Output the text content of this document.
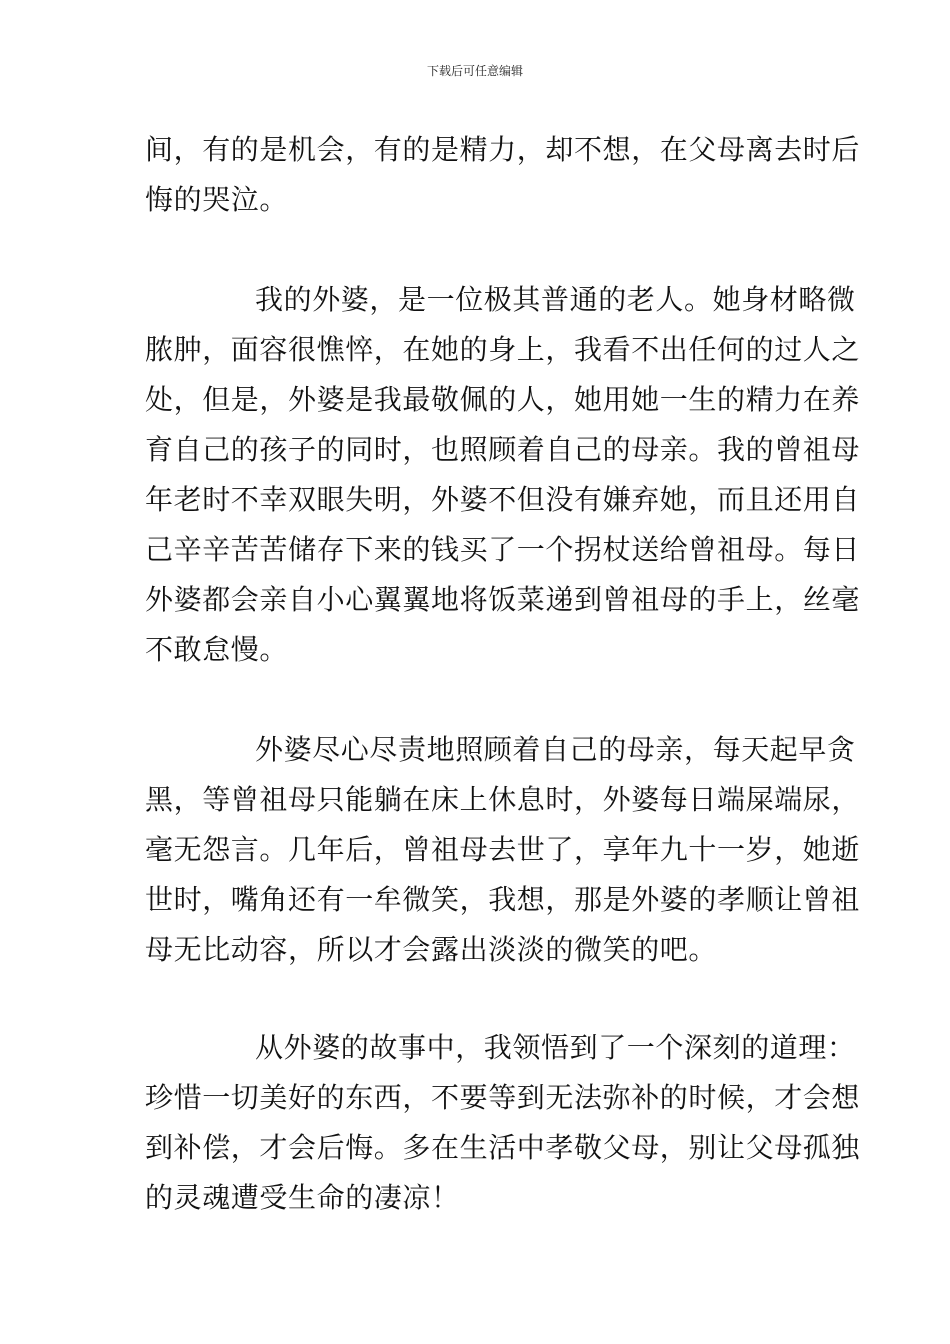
下载后可任意编辑
间，有的是机会，有的是精力，却不想，在父母离去时后
悔的哭泣。
我的外婆，是一位极其普通的老人。她身材略微
脓肿，面容很憔悴，在她的身上，我看不出任何的过人之
处，但是，外婆是我最敬佩的人，她用她一生的精力在养
育自己的孩子的同时，也照顾着自己的母亲。我的曾祖母
年老时不幸双眼失明，外婆不但没有嫌弃她，而且还用自
己辛辛苦苦储存下来的钱买了一个拐杖送给曾祖母。每日
外婆都会亲自小心翼翼地将饭菜递到曾祖母的手上，丝毫
不敢怠慢。
外婆尽心尽责地照顾着自己的母亲，每天起早贪
黑，等曾祖母只能躺在床上休息时，外婆每日端屎端尿，
毫无怨言。几年后，曾祖母去世了，享年九十一岁，她逝
世时，嘴角还有一牟微笑，我想，那是外婆的孝顺让曾祖
母无比动容，所以才会露出淡淡的微笑的吧。
从外婆的故事中，我领悟到了一个深刻的道理：
珍惜一切美好的东西，不要等到无法弥补的时候，才会想
到补偿，才会后悔。多在生活中孝敬父母，别让父母孤独
的灵魂遭受生命的凄凉！
